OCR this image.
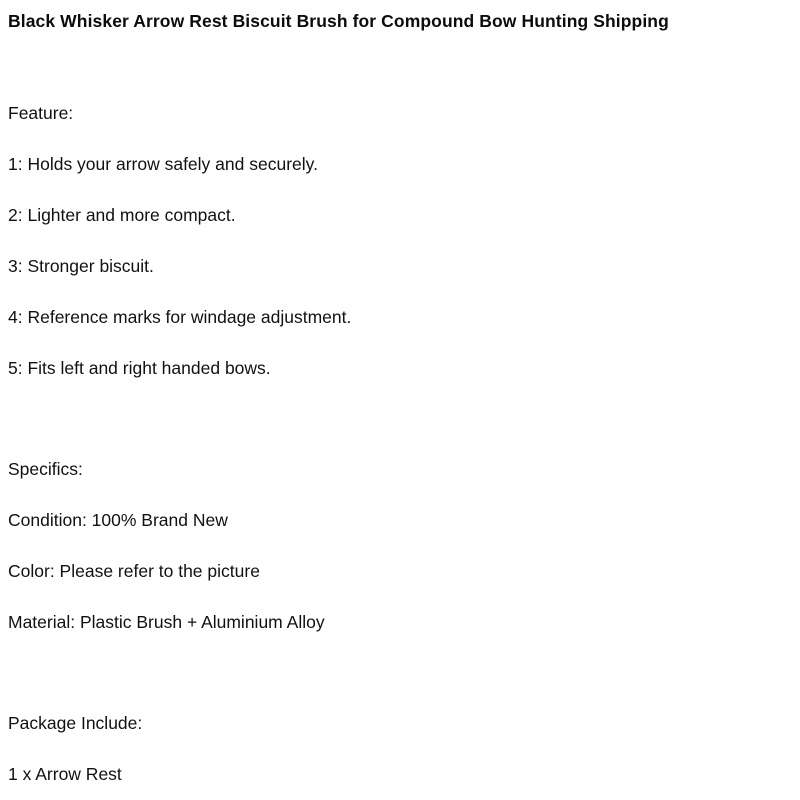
Black Whisker Arrow Rest Biscuit Brush for Compound Bow Hunting Shipping
Feature:
1: Holds your arrow safely and securely.
2: Lighter and more compact.
3: Stronger biscuit.
4: Reference marks for windage adjustment.
5: Fits left and right handed bows.
Specifics:
Condition: 100% Brand New
Color: Please refer to the picture
Material: Plastic Brush + Aluminium Alloy
Package Include:
1 x Arrow Rest
